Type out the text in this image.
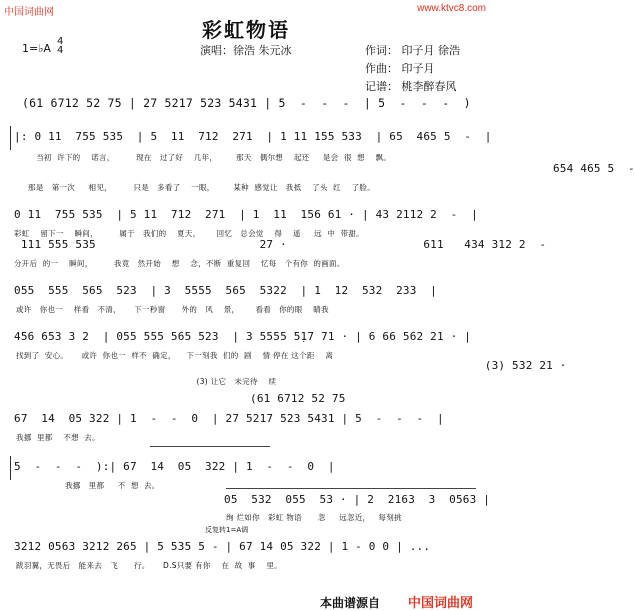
中国词曲网	www.ktvc8.com
彩虹物语
1=♭A
4
4	演唱：徐浩 朱元冰	作词： 印子月 徐浩
作曲： 印子月
记谱： 桃李醉春风
(61 6712 52 75 | 27 5217 523 5431 | 5  -  -  -  | 5  -  -  -  )
|: 0 11  755 535  | 5  11  712  271  | 1 11 155 533  | 65  465 5  -  |
当初  许下的    诺言，        现在   过了好    几年，       那天   偶尔想    起还     是会  很  想    飘。
654 465 5  -
那是   第一次     相见，        只是   多看了    一眼，       某种  感觉让   我抵    了头  红    了脸。
0 11  755 535  | 5 11  712  271  | 1  11  156 61 · | 43 2112 2  -  |
彩虹    留下一    瞬间，        属于   我们的    夏天，      回忆   总会觉    得    遥     远  中  带甜。
111 555 535                        27 ·                    611   434 312 2  -
分开后  的一    瞬间，        我竟   然开始    想    念，不断  重复回    忆每   个有你  的画面。
055  555  565  523  | 3  5555  565  5322  | 1  12  532  233  |
或许   你也一    样看   不清，     下一秒窗      外的   风    景，      看看   你的眼    睛我
456 653 3 2  | 055 555 565 523  | 3 5555 5̣17 71 · | 6 66 562 21 · |
找到了  安心。     或许  你也一  样不  确定，    下一刻我  们的  剧    情 停在 这个距    离
(3) 532 21 ·
(3) 让它   未完待    续
(61 6712 52 75
67  14  05 322 | 1  -  -  0  | 27 5217 523 5431 | 5  -  -  -  |
我挪  里都    不想  去。
5  -  -  -  ):| 67  14  05  322 | 1  -  -  0  |
我挪   里都     不  想  去。
05  532  055  53 · | 2  2163  3  0563 |
绚 烂如你   彩虹 物语      忽     远忽近，   每刻挑
反复转1=A调
3212 0563 3212 265 | 5 535 5 - | 67 14 05 322 | 1 - 0 0 | ...
跋羽翼，无畏后   能来去   飞      行。     D.S只要 有你    在  故  事    里。
本曲谱源自 中国词曲网
